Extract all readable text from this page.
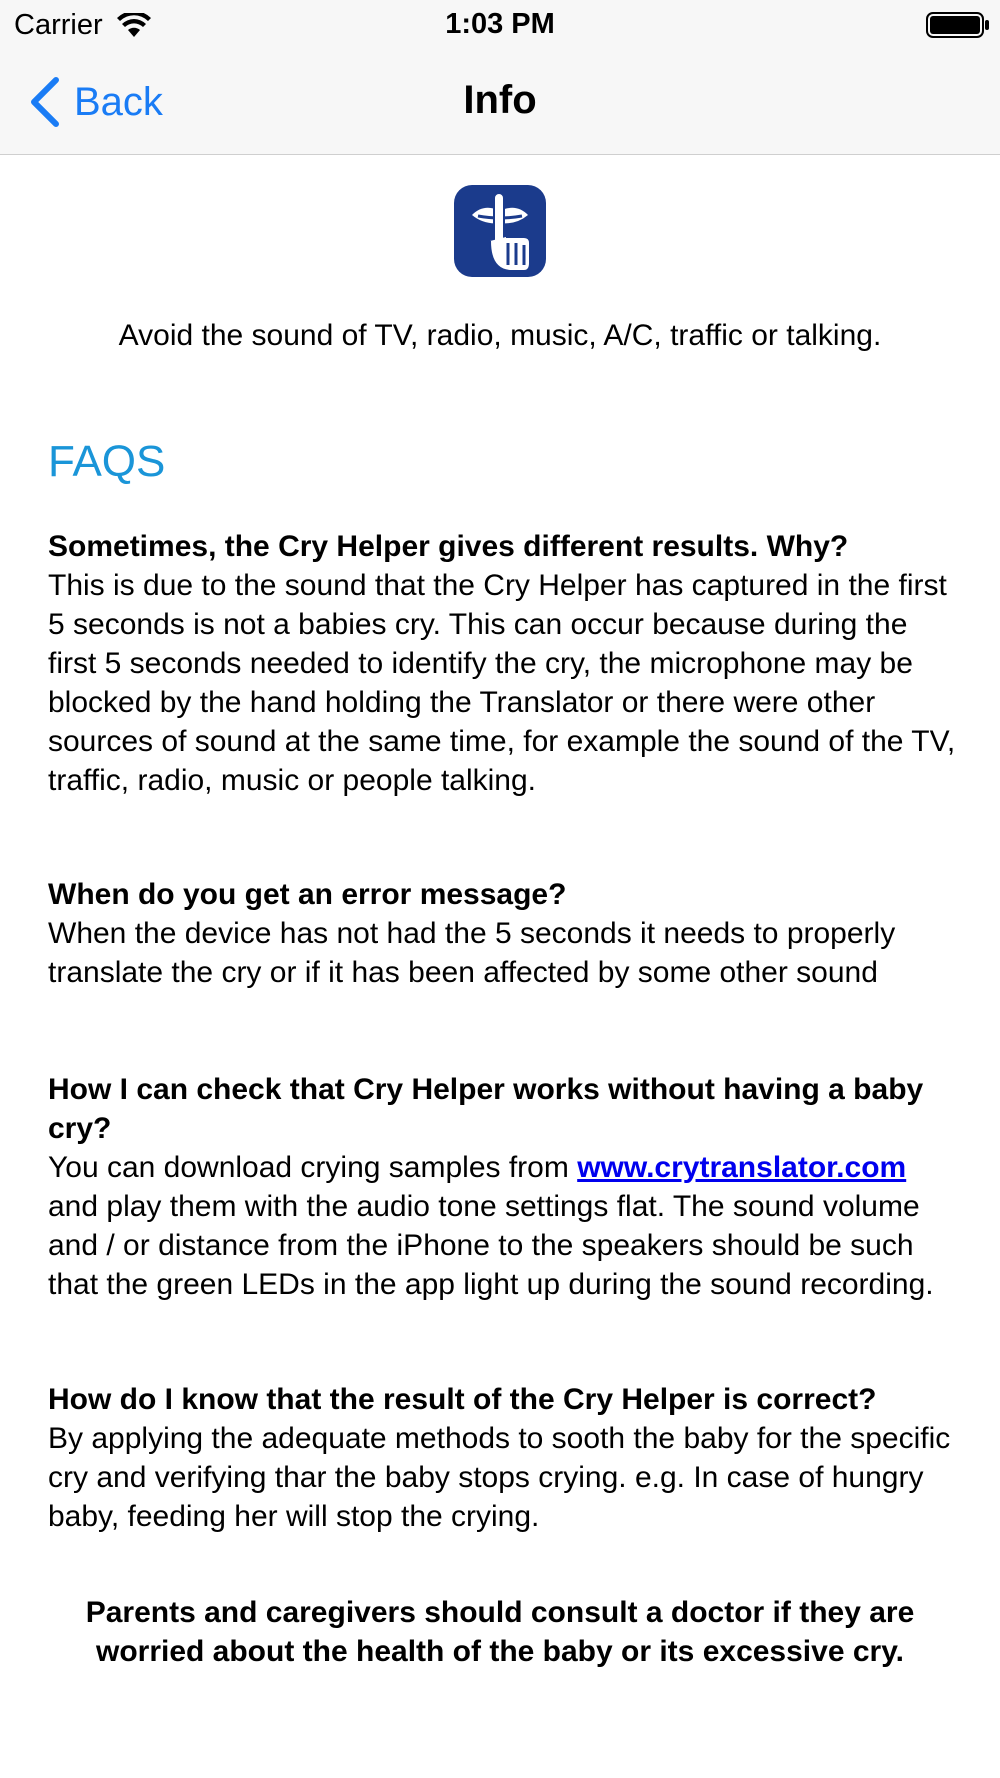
Carrier	1:03 PM
Back	Info
Avoid the sound of TV, radio, music, A/C, traffic or talking.
FAQS
Sometimes, the Cry Helper gives different results. Why?
This is due to the sound that the Cry Helper has captured in the first 5 seconds is not a babies cry. This can occur because during the first 5 seconds needed to identify the cry, the microphone may be blocked by the hand holding the Translator or there were other sources of sound at the same time, for example the sound of the TV, traffic, radio, music or people talking.
When do you get an error message?
When the device has not had the 5 seconds it needs to properly translate the cry or if it has been affected by some other sound
How I can check that Cry Helper works without having a baby cry?
You can download crying samples from www.crytranslator.com and play them with the audio tone settings flat. The sound volume and / or distance from the iPhone to the speakers should be such that the green LEDs in the app light up during the sound recording.
How do I know that the result of the Cry Helper is correct?
By applying the adequate methods to sooth the baby for the specific cry and verifying thar the baby stops crying. e.g. In case of hungry baby, feeding her will stop the crying.
Parents and caregivers should consult a doctor if they are worried about the health of the baby or its excessive cry.
